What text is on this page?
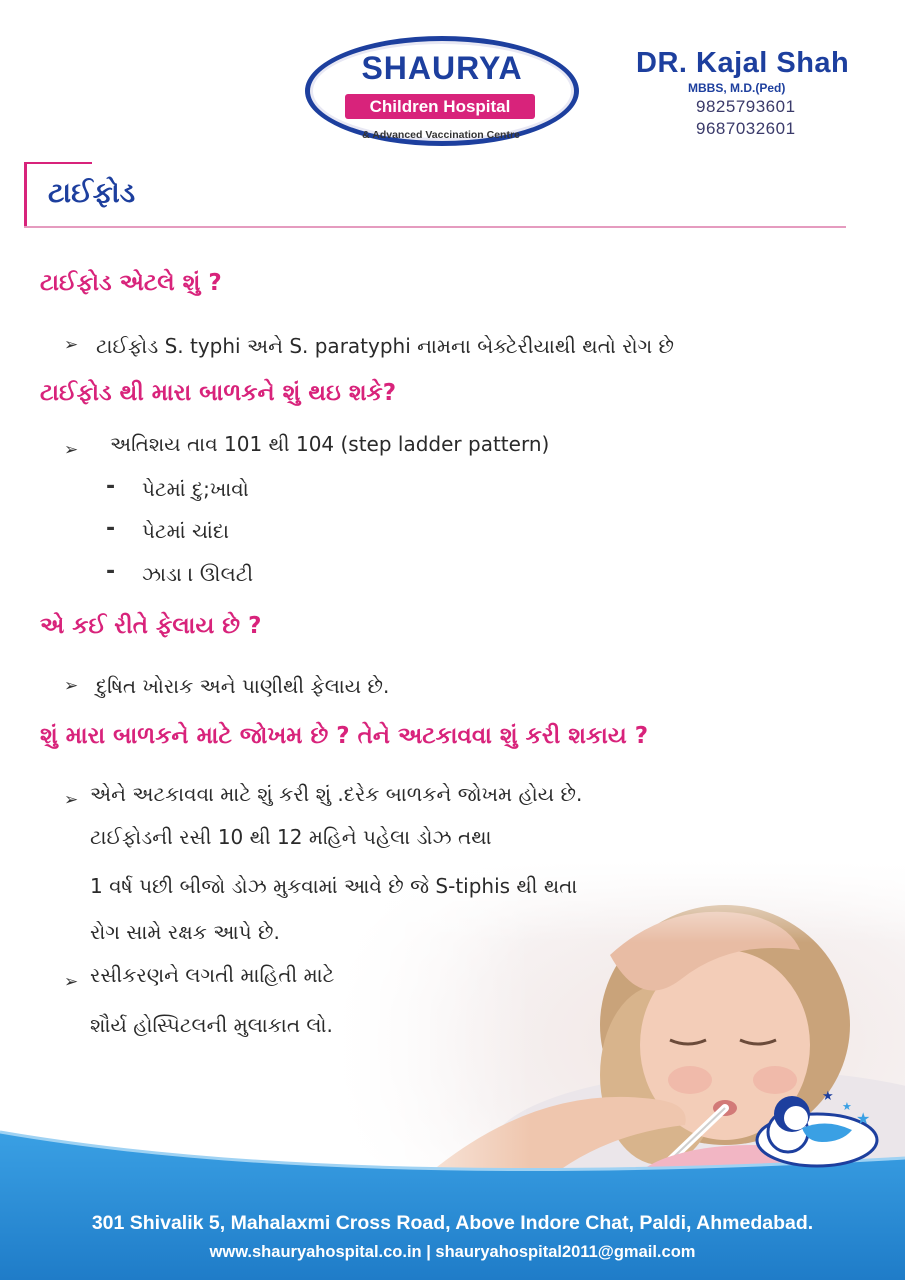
SHAURYA
Children Hospital
& Advanced Vaccination Centre
DR. Kajal Shah
MBBS, M.D.(Ped)
9825793601
9687032601
ટાઈફોડ
ટાઈફોડ એટલે શું ?
➢ ટાઈફોડ S. typhi અને S. paratyphi નામના બેક્ટેરીયાથી થતો રોગ છે
ટાઈફોડ થી મારા બાળકને શું થઇ શકે?
➢ અતિશય તાવ 101 થી 104 (step ladder pattern)
- પેટમાં દુ;ખાવો
- પેટમાં ચાંદા
- ઝાડા । ઊલટી
એ કઈ રીતે ફેલાય છે ?
➢ દુષિત ખોરાક અને પાણીથી ફેલાય છે.
શું મારા બાળકને માટે જોખમ છે ? તેને અટકાવવા શું કરી શકાય ?
➢ એને અટકાવવા માટે શું કરી શું .દરેક બાળકને જોખમ હોય છે.
ટાઈફોડની રસી 10 થી 12 મહિને પહેલા ડોઝ તથા
1 વર્ષ પછી બીજો ડોઝ મુકવામાં આવે છે જે S-tiphis થી થતા
રોગ સામે રક્ષક આપે છે.
➢ રસીકરણને લગતી માહિતી માટે
શૌર્ય હોસ્પિટલની મુલાકાત લો.
★
★
★
301 Shivalik 5, Mahalaxmi Cross Road, Above Indore Chat, Paldi, Ahmedabad.
www.shauryahospital.co.in | shauryahospital2011@gmail.com
